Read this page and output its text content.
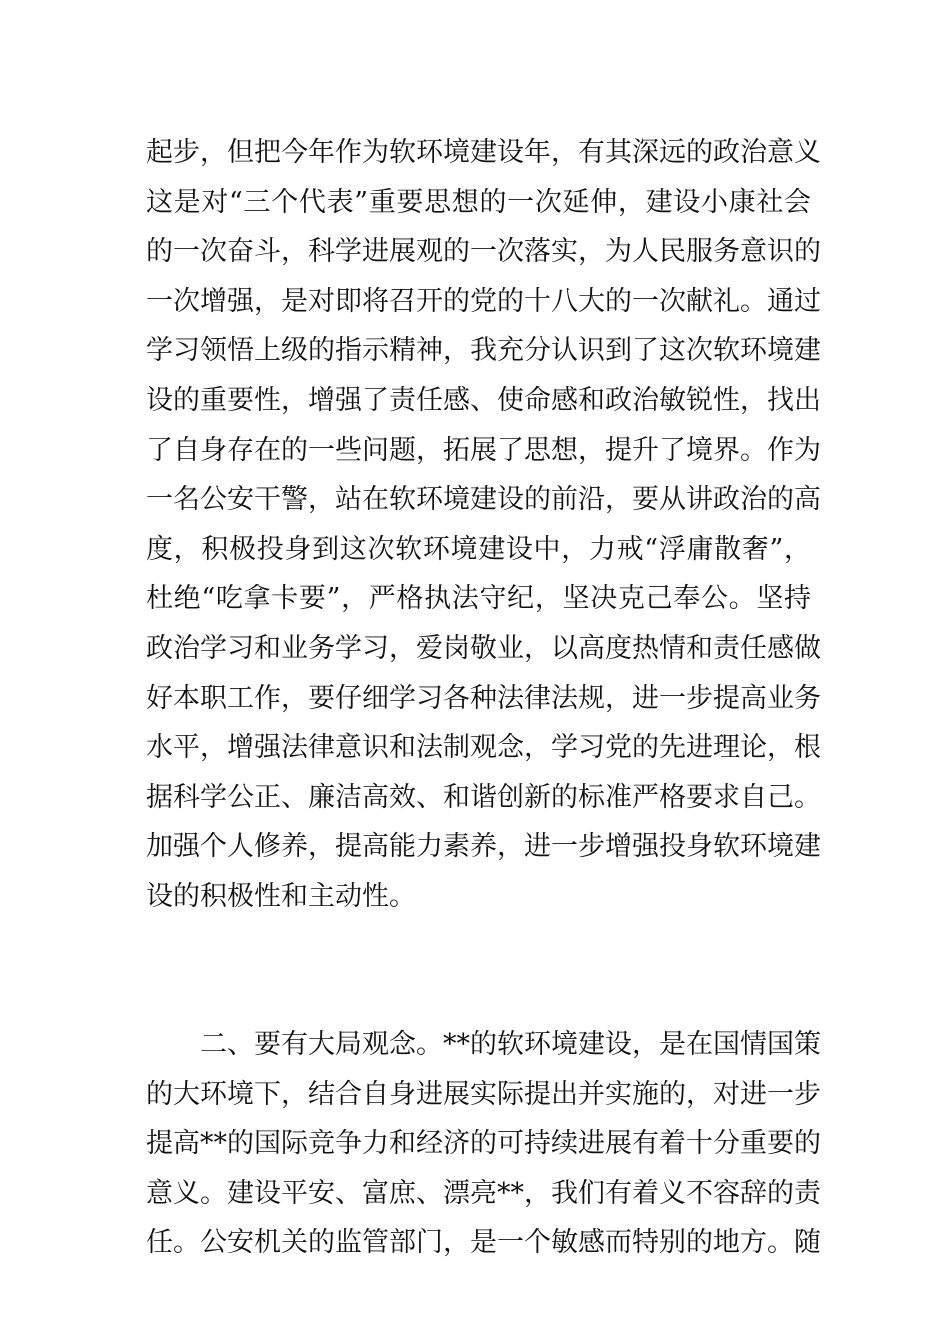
起步，但把今年作为软环境建设年，有其深远的政治意义
这是对“三个代表”重要思想的一次延伸，建设小康社会
的一次奋斗，科学进展观的一次落实，为人民服务意识的
一次增强，是对即将召开的党的十八大的一次献礼。通过
学习领悟上级的指示精神，我充分认识到了这次软环境建
设的重要性，增强了责任感、使命感和政治敏锐性，找出
了自身存在的一些问题，拓展了思想，提升了境界。作为
一名公安干警，站在软环境建设的前沿，要从讲政治的高
度，积极投身到这次软环境建设中，力戒“浮庸散奢”，
杜绝“吃拿卡要”，严格执法守纪，坚决克己奉公。坚持
政治学习和业务学习，爱岗敬业，以高度热情和责任感做
好本职工作，要仔细学习各种法律法规，进一步提高业务
水平，增强法律意识和法制观念，学习党的先进理论，根
据科学公正、廉洁高效、和谐创新的标准严格要求自己。
加强个人修养，提高能力素养，进一步增强投身软环境建
设的积极性和主动性。
二、要有大局观念。**的软环境建设，是在国情国策
的大环境下，结合自身进展实际提出并实施的，对进一步
提高**的国际竞争力和经济的可持续进展有着十分重要的
意义。建设平安、富庶、漂亮**，我们有着义不容辞的责
任。公安机关的监管部门，是一个敏感而特别的地方。随
